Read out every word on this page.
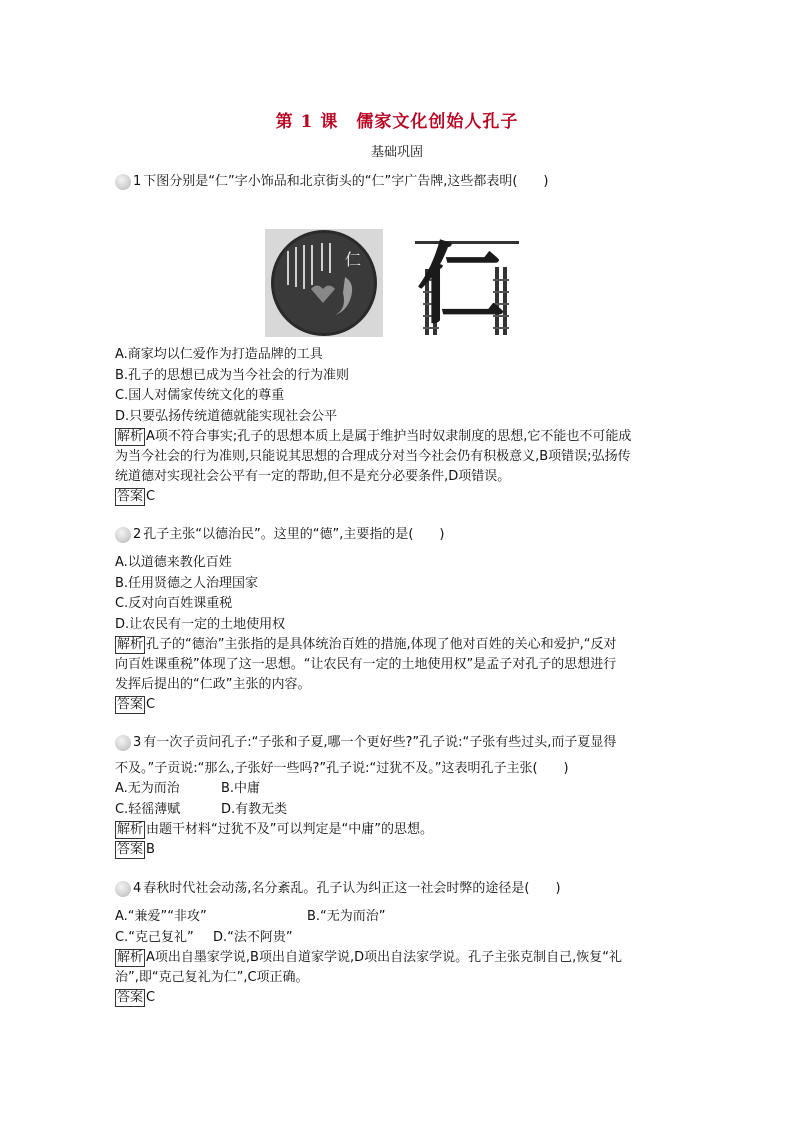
第 1 课　儒家文化创始人孔子
基础巩固
1 下图分别是“仁”字小饰品和北京街头的“仁”字广告牌,这些都表明(　　)
仁 仁
A.商家均以仁爱作为打造品牌的工具
B.孔子的思想已成为当今社会的行为准则
C.国人对儒家传统文化的尊重
D.只要弘扬传统道德就能实现社会公平
解析 A项不符合事实;孔子的思想本质上是属于维护当时奴隶制度的思想,它不能也不可能成
为当今社会的行为准则,只能说其思想的合理成分对当今社会仍有积极意义,B项错误;弘扬传
统道德对实现社会公平有一定的帮助,但不是充分必要条件,D项错误。
答案 C
2 孔子主张“以德治民”。这里的“德”,主要指的是(　　)
A.以道德来教化百姓
B.任用贤德之人治理国家
C.反对向百姓课重税
D.让农民有一定的土地使用权
解析 孔子的“德治”主张指的是具体统治百姓的措施,体现了他对百姓的关心和爱护,“反对
向百姓课重税”体现了这一思想。“让农民有一定的土地使用权”是孟子对孔子的思想进行
发挥后提出的“仁政”主张的内容。
答案 C
3 有一次子贡问孔子:“子张和子夏,哪一个更好些?”孔子说:“子张有些过头,而子夏显得
不及。”子贡说:“那么,子张好一些吗?”孔子说:“过犹不及。”这表明孔子主张(　　)
A.无为而治	B.中庸
C.轻徭薄赋	D.有教无类
解析 由题干材料“过犹不及”可以判定是“中庸”的思想。
答案 B
4 春秋时代社会动荡,名分紊乱。孔子认为纠正这一社会时弊的途径是(　　)
A.“兼爱”“非攻”	B.“无为而治”
C.“克己复礼” D.“法不阿贵”
解析 A项出自墨家学说,B项出自道家学说,D项出自法家学说。孔子主张克制自己,恢复“礼
治”,即“克己复礼为仁”,C项正确。
答案 C
